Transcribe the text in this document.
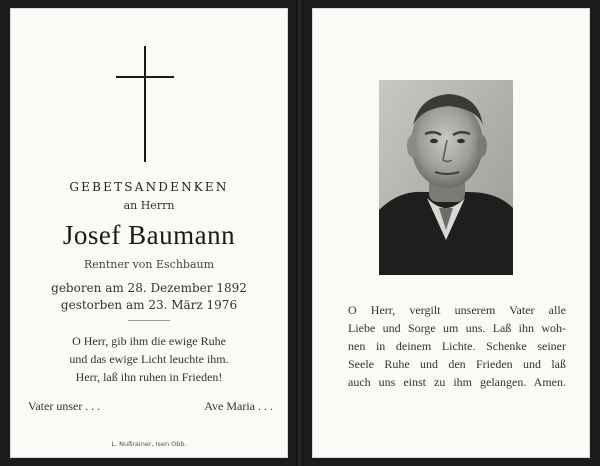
GEBETSANDENKEN
an Herrn
Josef Baumann
Rentner von Eschbaum
geboren am 28. Dezember 1892
gestorben am 23. März 1976
O Herr, gib ihm die ewige Ruhe
und das ewige Licht leuchte ihm.
Herr, laß ihn ruhen in Frieden!
Vater unser . . .	Ave Maria . . .
L. Nußrainer, Isen Obb.
O Herr, vergilt unserem Vater alle
Liebe und Sorge um uns. Laß ihn woh-
nen in deinem Lichte. Schenke seiner
Seele Ruhe und den Frieden und laß
auch uns einst zu ihm gelangen. Amen.
